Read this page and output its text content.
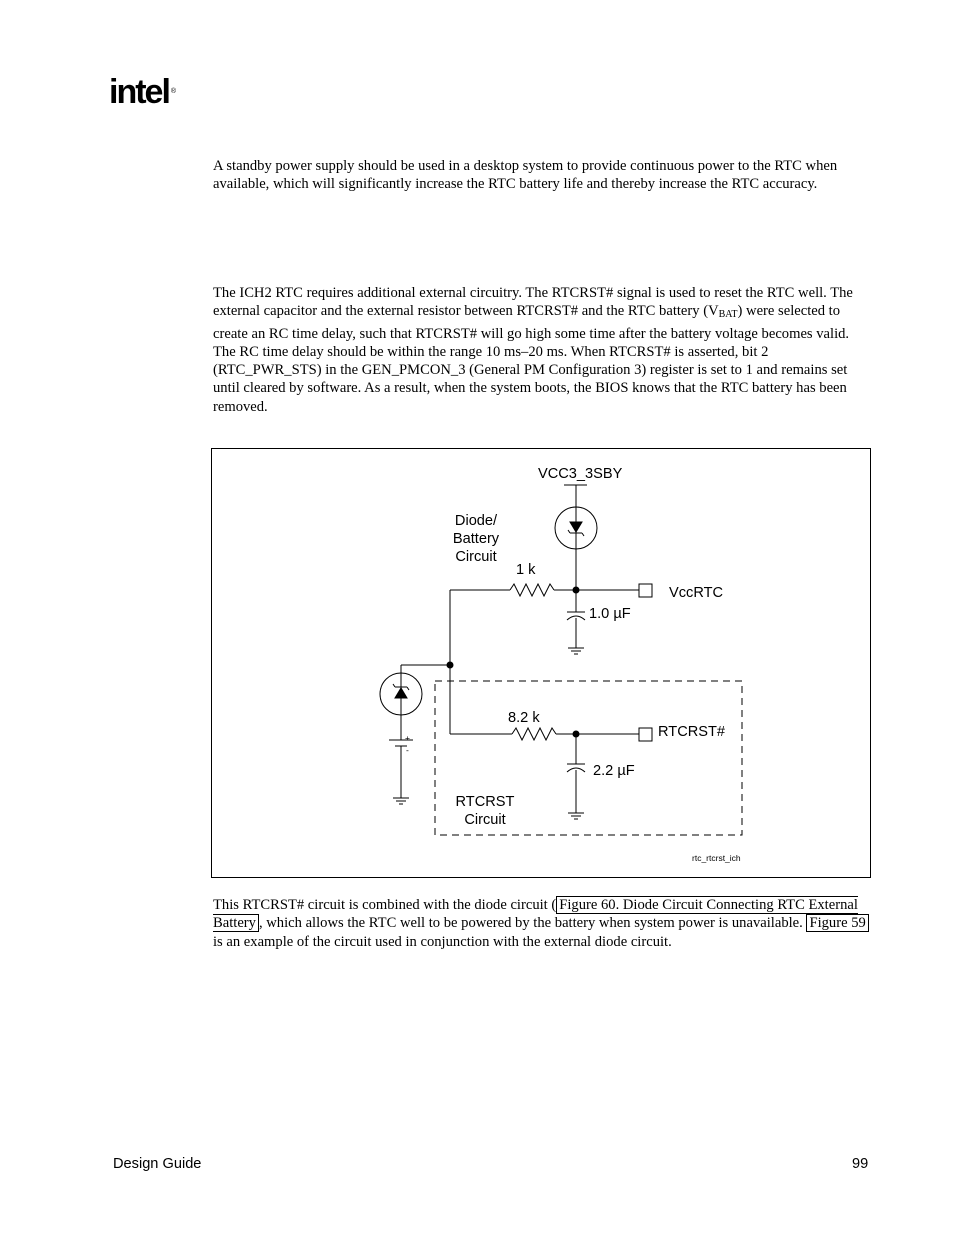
intel ®

A standby power supply should be used in a desktop system to provide continuous power to the RTC when available, which will significantly increase the RTC battery life and thereby increase the RTC accuracy.

The ICH2 RTC requires additional external circuitry. The RTCRST# signal is used to reset the RTC well. The external capacitor and the external resistor between RTCRST# and the RTC battery $(V_{BAT})$ were selected to create an RC time delay, such that RTCRST# will go high some time after the battery voltage becomes valid. The RC time delay should be within the range 10 ms–20 ms. When RTCRST# is asserted, bit 2 (RTC_PWR_STS) in the GEN_PMCON_3 (General PM Configuration 3) register is set to 1 and remains set until cleared by software. As a result, when the system boots, the BIOS knows that the RTC battery has been removed.

VCC3_3SBY
Diode/
Battery
Circuit
1 k
1.0 µF
VccRTC
8.2 k
RTCRST#
2.2 µF
RTCRST
Circuit
+
-
rtc_rtcrst_ich

This RTCRST# circuit is combined with the diode circuit ( Figure 60. Diode Circuit Connecting RTC External Battery , which allows the RTC well to be powered by the battery when system power is unavailable. Figure 59 is an example of the circuit used in conjunction with the external diode circuit.

Design Guide	99
